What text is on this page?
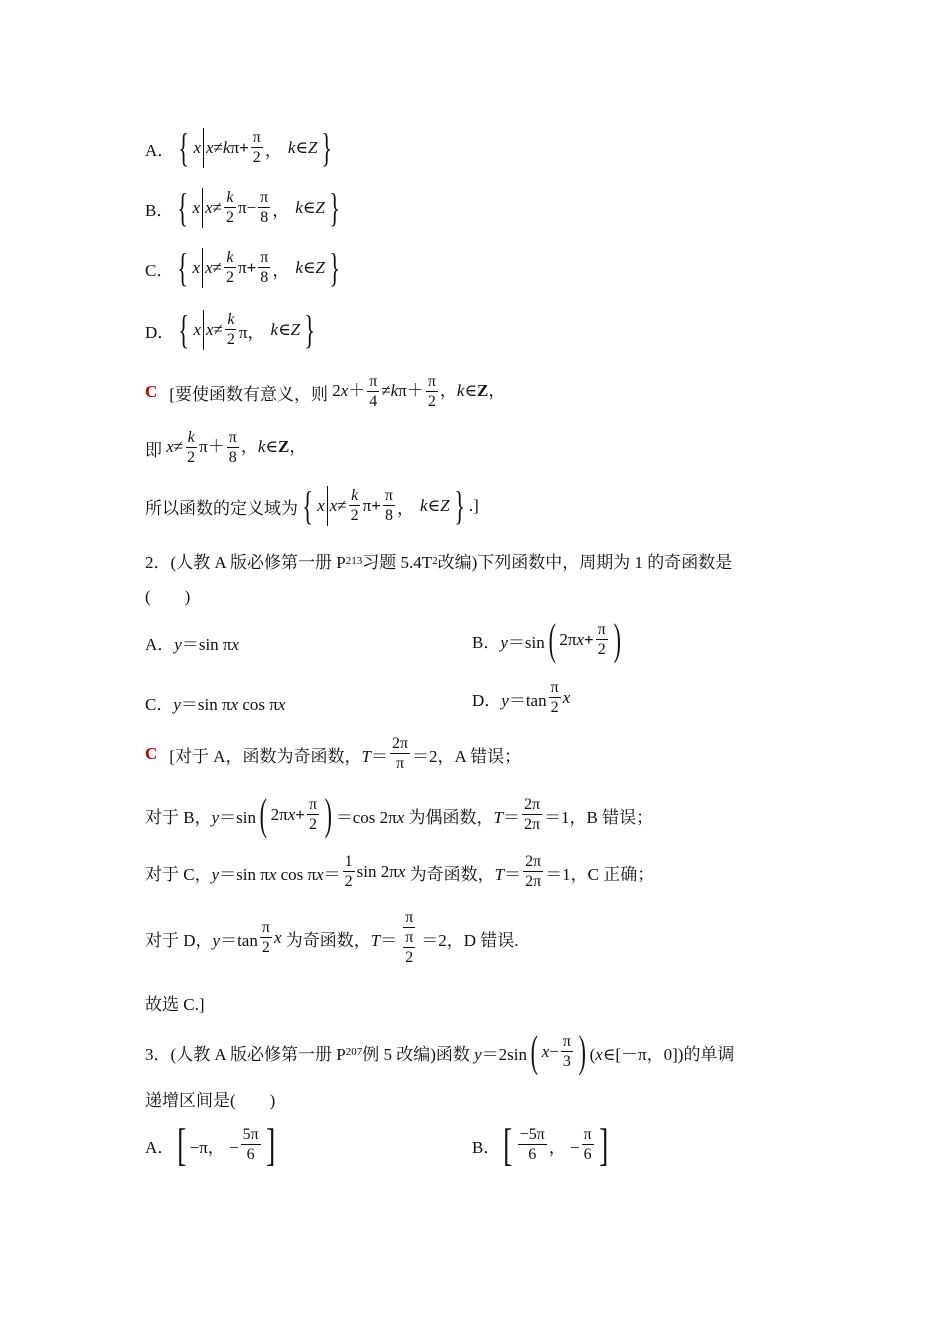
A． { x x ≠ k $\pi + \frac{\pi}{2}$ ， k ∈ Z }
B． { x $x \ne \frac{k}{2} \pi- \frac{\pi}{8}$ ， k ∈ Z }
C． { x $x \ne \frac{k}{2}$ $\pi + \frac{\pi}{8}$ ， k ∈ Z }
D． { x $x \ne \frac{k}{2}$ π， k ∈ Z }
C [要使函数有意义，则 $2x+ \frac{\pi}{4} \ne k\pi+ \frac{\pi}{2}$ ，k∈Z，
即 $x\ne \frac{k}{2} \pi+ \frac{\pi}{8}$ ，k∈Z，
所以函数的定义域为 { x $x \ne \frac{k}{2}$ $\pi + \frac{\pi}{8}$ ， k ∈ Z } .]
2．(人教 A 版必修第一册 P 213 习题 5.4T 2 改编)下列函数中，周期为 1 的奇函数是
(　　)
A． y＝sin πx	B． y＝sin ( $2\pi x+ \frac{\pi}{2}$ )
C． y＝sin πx cos πx	D． $y=\tan \frac{\pi}{2}$ x
C [对于 A，函数为奇函数， $T= \frac{2\pi}{\pi} =2$ ，A 错误；
对于 B， y＝sin ( $2\pi x+ \frac{\pi}{2}$ ) ＝cos 2πx 为偶函数， $T= \frac{2\pi}{2\pi} =1$ ，B 错误；
对于 C， y＝sin πx $\cos \pi x= \frac{1}{2}$ sin 2πx 为奇函数， $T= \frac{2\pi}{2\pi} =1$ ，C 正确；
对于 D， $y=\tan \frac{\pi}{2}$ x 为奇函数， $T= \frac{\pi}{\frac{\pi}{2}} =2$ ，D 错误.
故选 C.]
3．(人教 A 版必修第一册 P 207 例 5 改编)函数 y＝2sin ( $x - \frac{\pi}{3}$ ) (x∈[－π，0]) 的单调
递增区间是(　　)
A． [ −π， − $\frac{5\pi}{6}$ ]	B． [ $\frac{-5\pi}{6}$ ， − $\frac{\pi}{6}$ ]
